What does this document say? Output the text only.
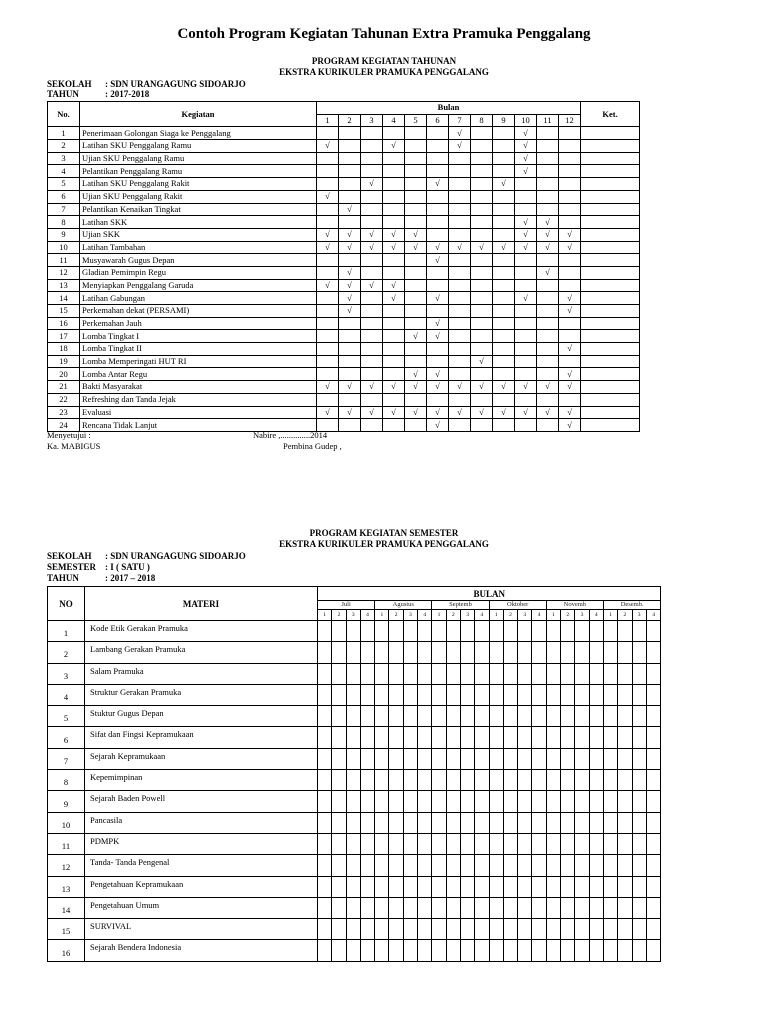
Contoh Program Kegiatan Tahunan Extra Pramuka Penggalang
PROGRAM KEGIATAN TAHUNAN
EKSTRA KURIKULER PRAMUKA PENGGALANG
SEKOLAH : SDN URANGAGUNG SIDOARJO
TAHUN	: 2017-2018
No.	Kegiatan	Bulan												Ket.
		1	2	3	4	5	6	7	8	9	10	11	12	
1	Penerimaan Golongan Siaga ke Penggalang							√			√			
2	Latihan SKU Penggalang Ramu	√			√			√			√			
3	Ujian SKU Penggalang Ramu										√			
4	Pelantikan Penggalang Ramu										√			
5	Latihan SKU Penggalang Rakit			√			√			√				
6	Ujian SKU Penggalang Rakit	√												
7	Pelantikan Kenaikan Tingkat		√											
8	Latihan SKK										√	√		
9	Ujian SKK	√	√	√	√	√					√	√	√	
10	Latihan Tambahan	√	√	√	√	√	√	√	√	√	√	√	√	
11	Musyawarah Gugus Depan						√							
12	Gladian Pemimpin Regu		√									√		
13	Menyiapkan Penggalang Garuda	√	√	√	√									
14	Latihan Gabungan		√		√		√				√		√	
15	Perkemahan dekat (PERSAMI)		√										√	
16	Perkemahan Jauh						√							
17	Lomba Tingkat I					√	√							
18	Lomba Tingkat II												√	
19	Lomba Memperingati HUT RI								√					
20	Lomba Antar Regu					√	√						√	
21	Bakti Masyarakat	√	√	√	√	√	√	√	√	√	√	√	√	
22	Refreshing dan Tanda Jejak													
23	Evaluasi	√	√	√	√	√	√	√	√	√	√	√	√	
24	Rencana Tidak Lanjut						√						√	
Menyetujui :
Ka. MABIGUS
Nabire ,..............2014
Pembina Gudep ,
PROGRAM KEGIATAN SEMESTER
EKSTRA KURIKULER PRAMUKA PENGGALANG
SEKOLAH : SDN URANGAGUNG SIDOARJO
SEMESTER : I ( SATU )
TAHUN	: 2017 – 2018
NO	MATERI	BULAN																							
		Juli				Agustus				Septemb				Oktober				Novemb				Desemb.			
		1	2	3	4	1	2	3	4	1	2	3	4	1	2	3	4	1	2	3	4	1	2	3	4
1	Kode Etik Gerakan Pramuka																								
2	Lambang Gerakan Pramuka																								
3	Salam Pramuka																								
4	Struktur Gerakan Pramuka																								
5	Stuktur Gugus Depan																								
6	Sifat dan Fingsi Kepramukaan																								
7	Sejarah Kepramukaan																								
8	Kepemimpinan																								
9	Sejarah Baden Powell																								
10	Pancasila																								
11	PDMPK																								
12	Tanda- Tanda Pengenal																								
13	Pengetahuan Kepramukaan																								
14	Pengetahuan Umum																								
15	SURVIVAL																								
16	Sejarah Bendera Indonesia																								
